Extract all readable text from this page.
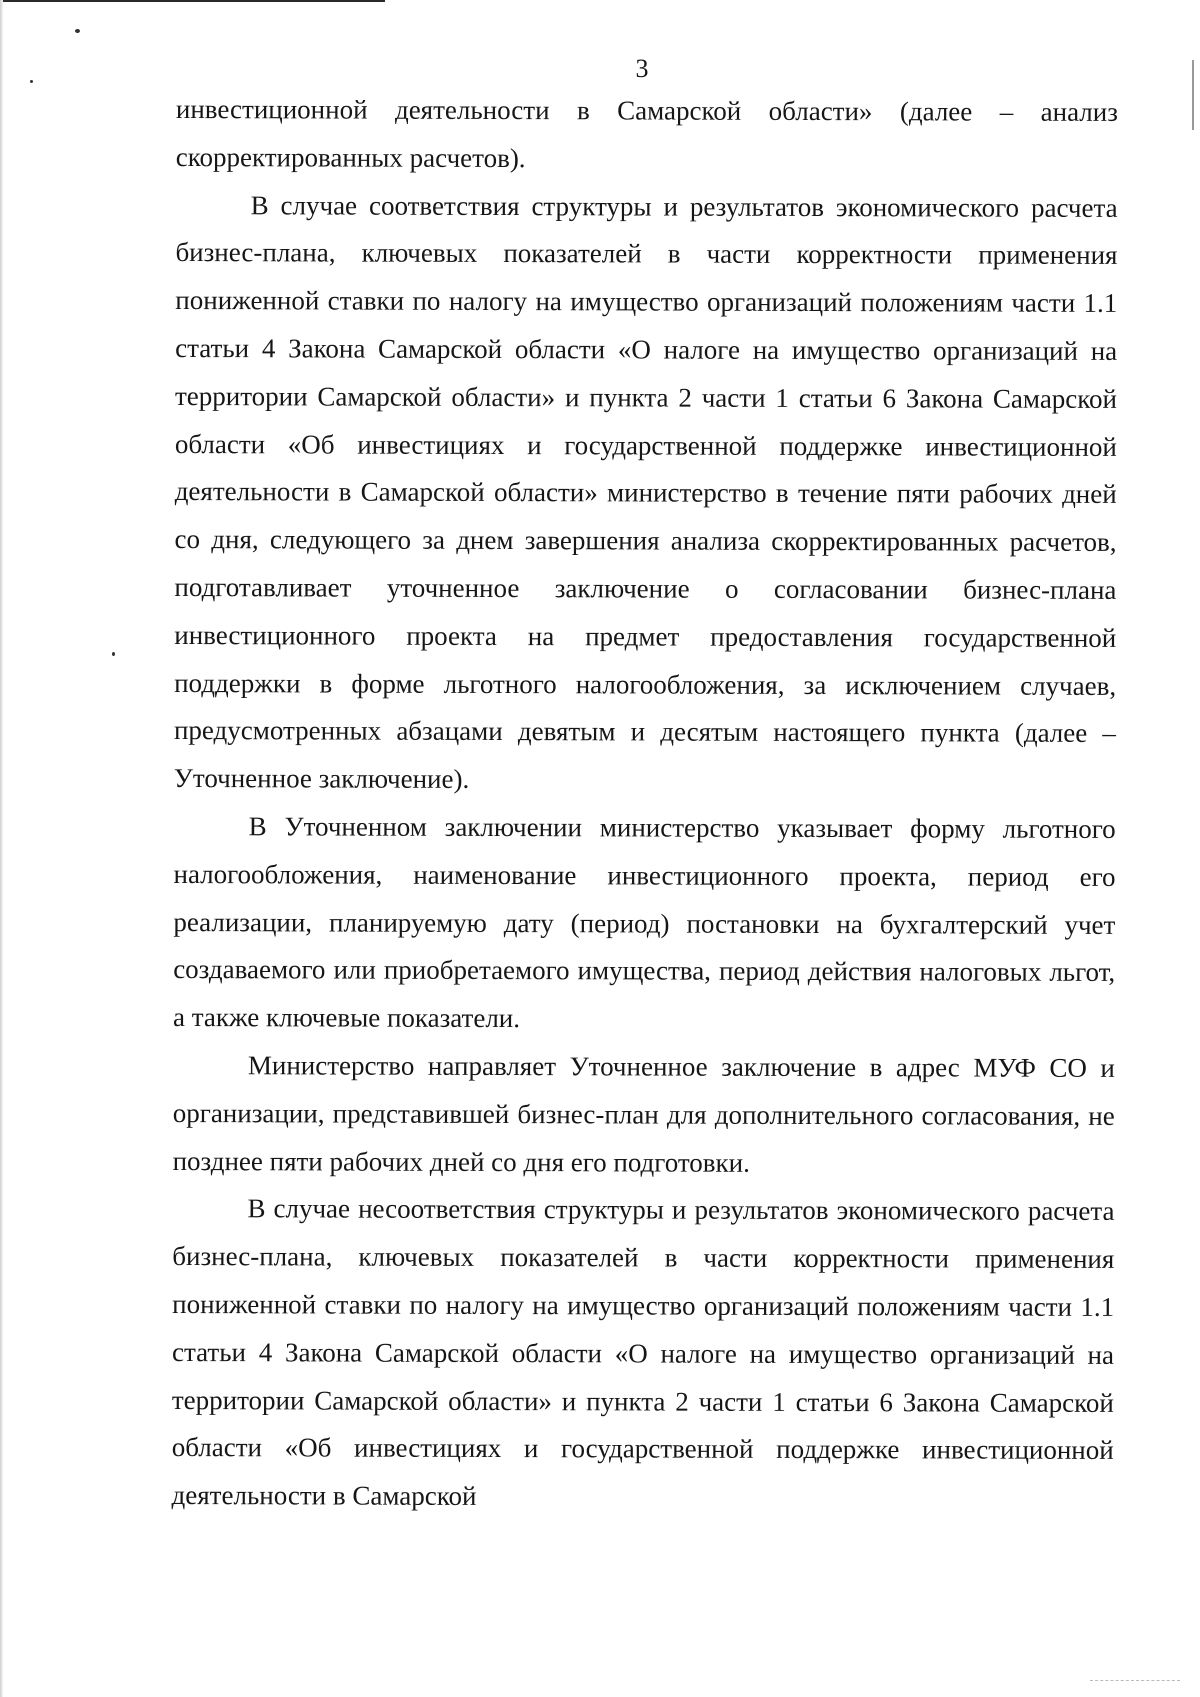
3

инвестиционной деятельности в Самарской области» (далее – анализ скорректированных расчетов).

В случае соответствия структуры и результатов экономического расчета бизнес-плана, ключевых показателей в части корректности применения пониженной ставки по налогу на имущество организаций положениям части 1.1 статьи 4 Закона Самарской области «О налоге на имущество организаций на территории Самарской области» и пункта 2 части 1 статьи 6 Закона Самарской области «Об инвестициях и государственной поддержке инвестиционной деятельности в Самарской области» министерство в течение пяти рабочих дней со дня, следующего за днем завершения анализа скорректированных расчетов, подготавливает уточненное заключение о согласовании бизнес-плана инвестиционного проекта на предмет предоставления государственной поддержки в форме льготного налогообложения, за исключением случаев, предусмотренных абзацами девятым и десятым настоящего пункта (далее – Уточненное заключение).

В Уточненном заключении министерство указывает форму льготного налогообложения, наименование инвестиционного проекта, период его реализации, планируемую дату (период) постановки на бухгалтерский учет создаваемого или приобретаемого имущества, период действия налоговых льгот, а также ключевые показатели.

Министерство направляет Уточненное заключение в адрес МУФ СО и организации, представившей бизнес-план для дополнительного согласования, не позднее пяти рабочих дней со дня его подготовки.

В случае несоответствия структуры и результатов экономического расчета бизнес-плана, ключевых показателей в части корректности применения пониженной ставки по налогу на имущество организаций положениям части 1.1 статьи 4 Закона Самарской области «О налоге на имущество организаций на территории Самарской области» и пункта 2 части 1 статьи 6 Закона Самарской области «Об инвестициях и государственной поддержке инвестиционной деятельности в Самарской
